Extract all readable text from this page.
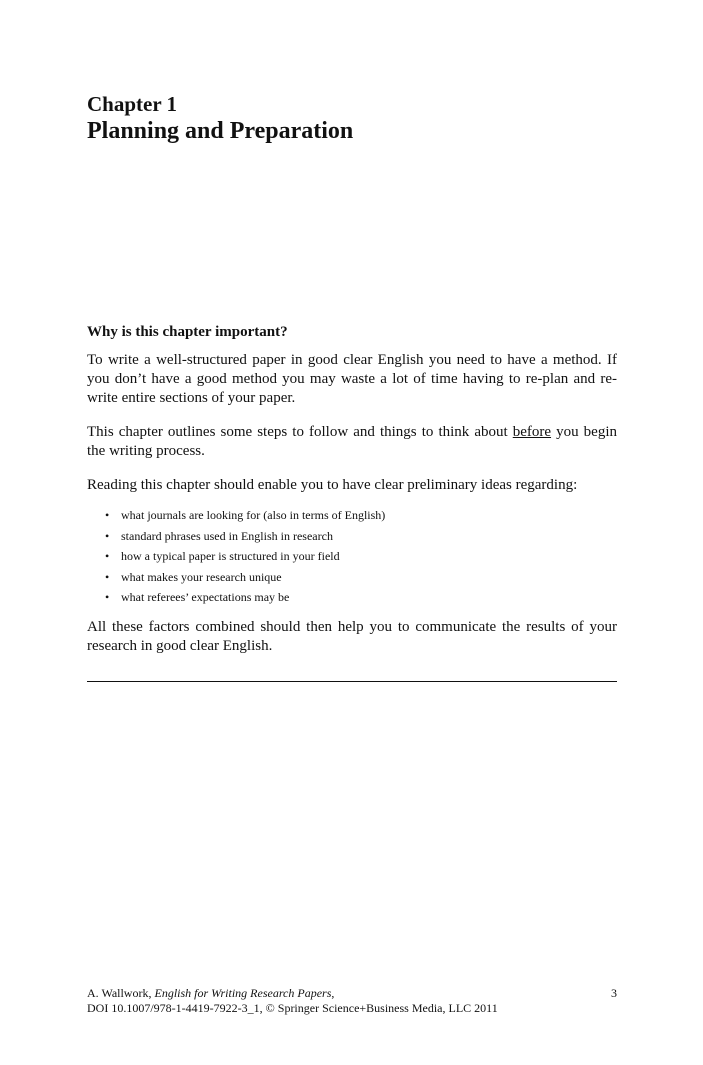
Chapter 1
Planning and Preparation
Why is this chapter important?

To write a well-structured paper in good clear English you need to have a method. If you don’t have a good method you may waste a lot of time having to re-plan and re-write entire sections of your paper.

This chapter outlines some steps to follow and things to think about before you begin the writing process.

Reading this chapter should enable you to have clear preliminary ideas regarding:

• what journals are looking for (also in terms of English)
• standard phrases used in English in research
• how a typical paper is structured in your field
• what makes your research unique
• what referees’ expectations may be

All these factors combined should then help you to communicate the results of your research in good clear English.

A. Wallwork, English for Writing Research Papers,
DOI 10.1007/978-1-4419-7922-3_1, © Springer Science+Business Media, LLC 2011
3
